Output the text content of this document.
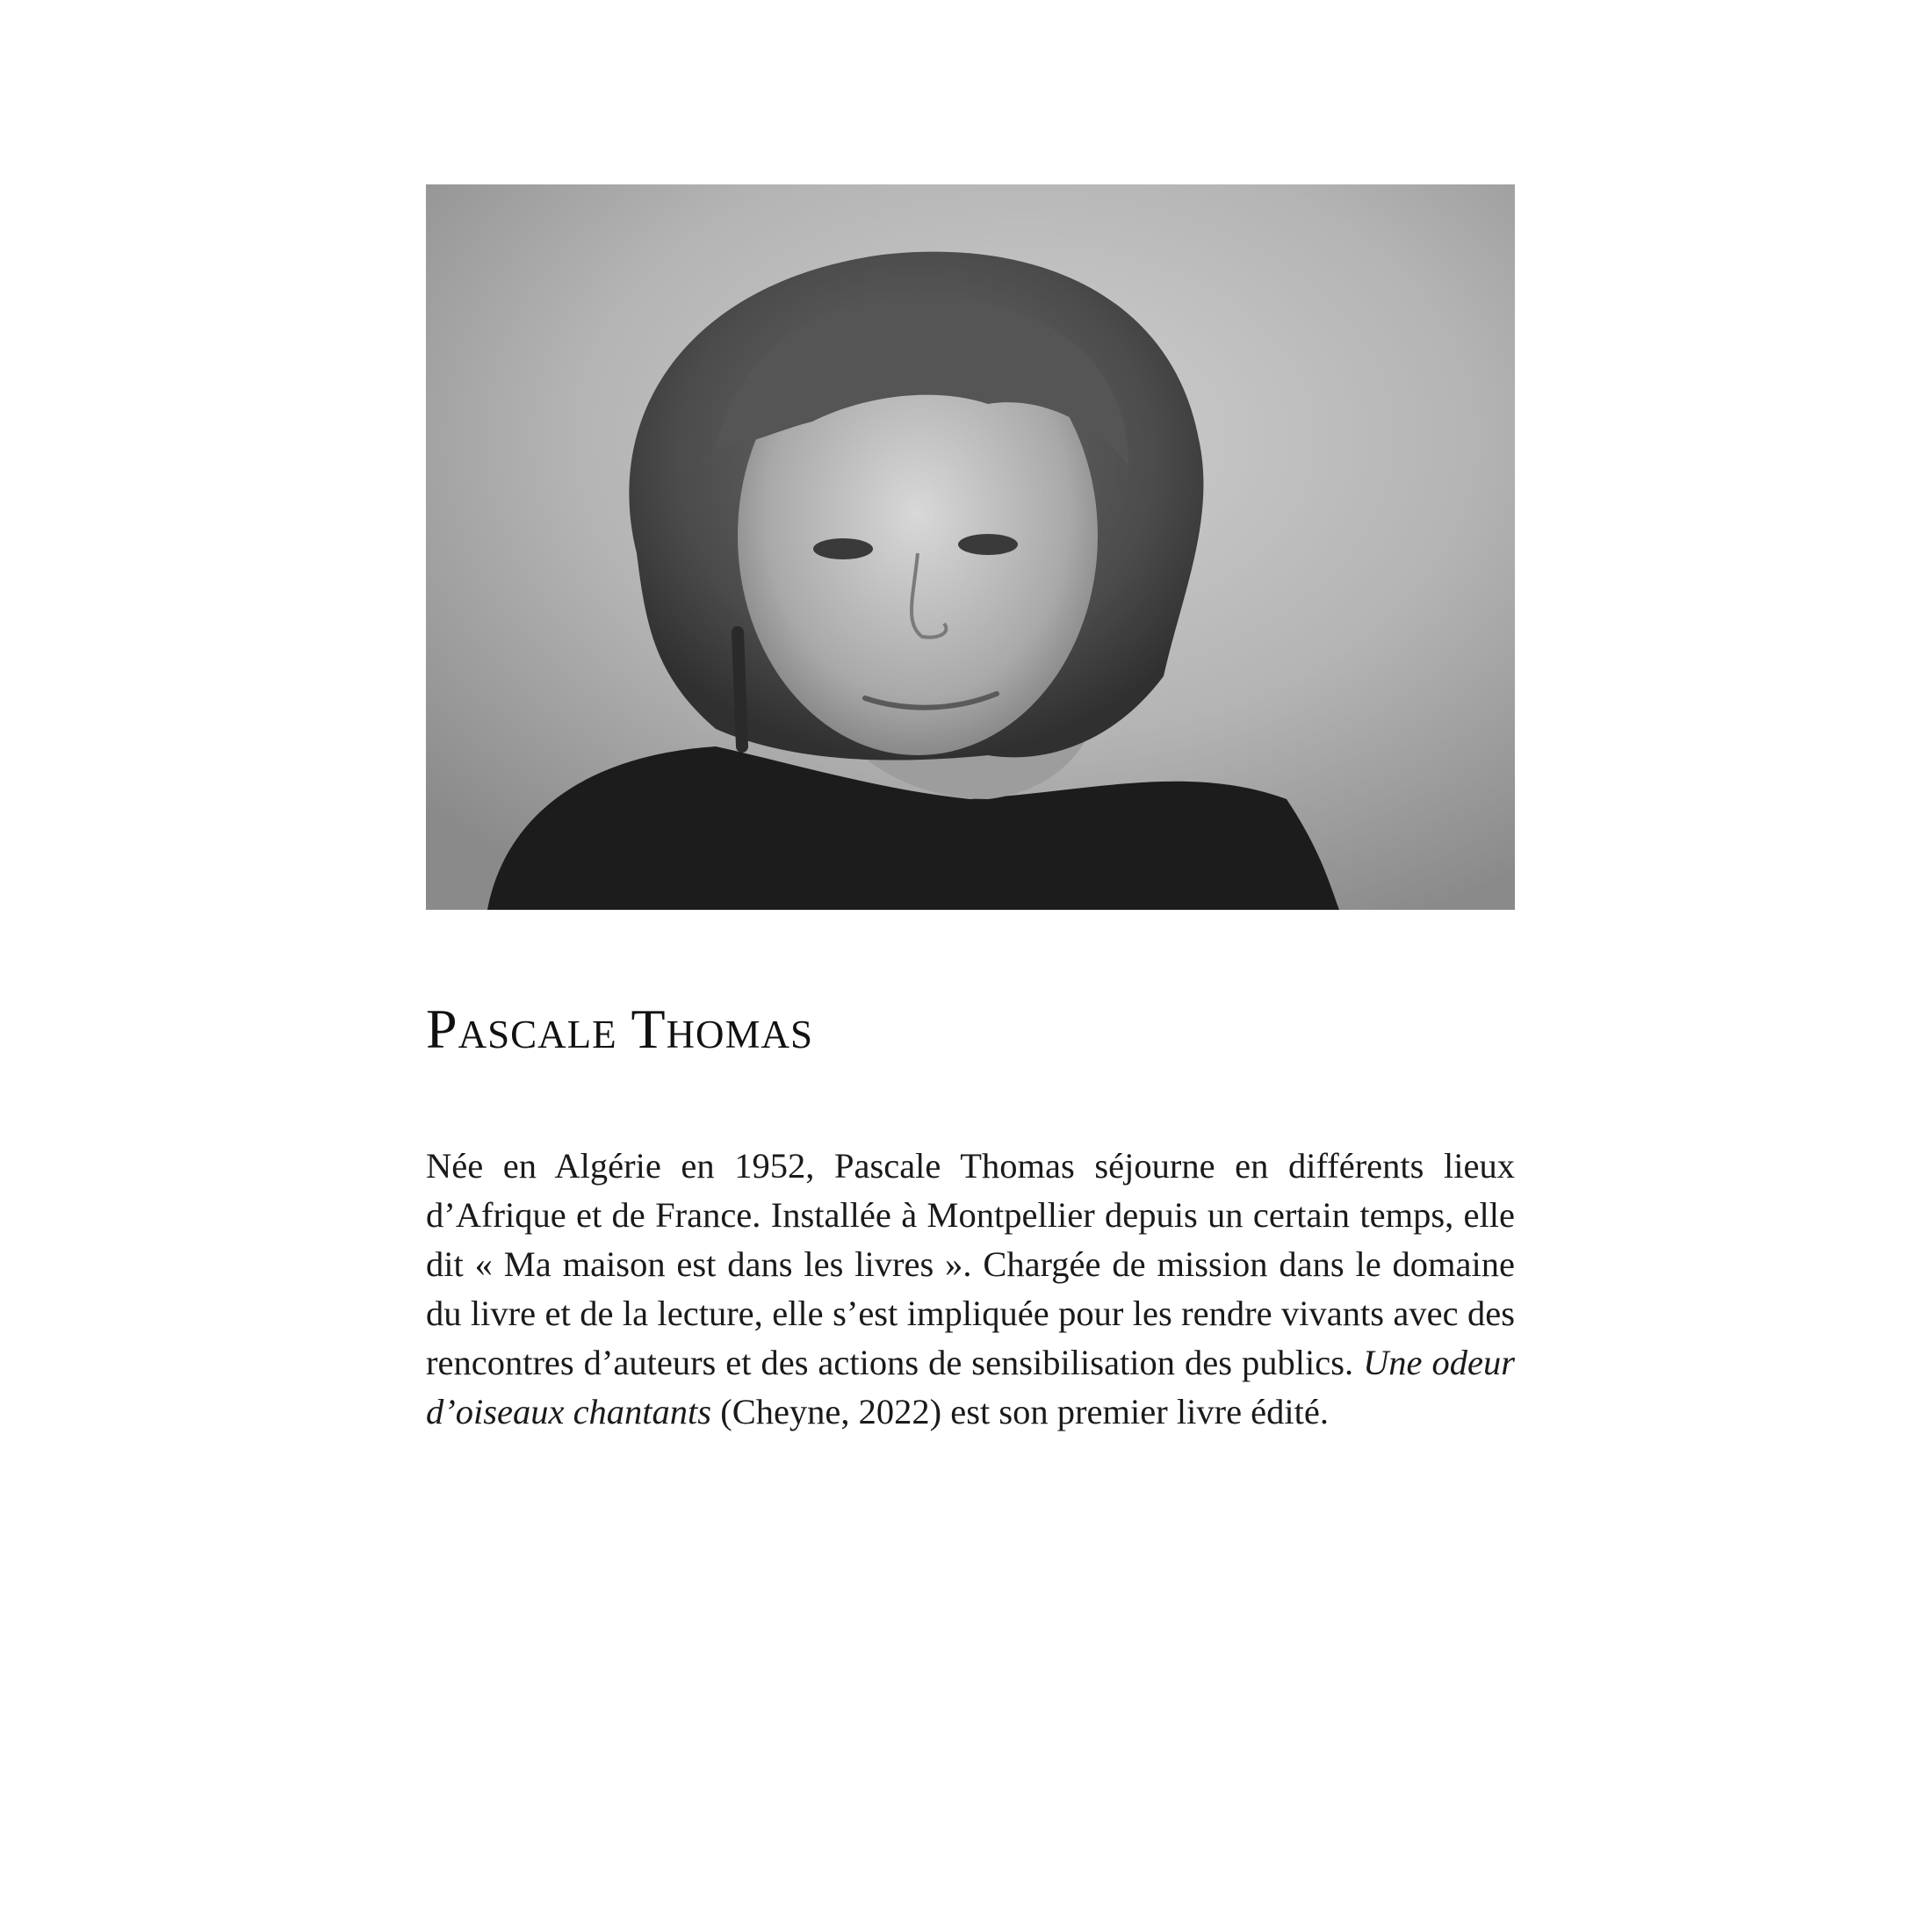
Pascale Thomas

Née en Algérie en 1952, Pascale Thomas séjourne en différents lieux d’Afrique et de France. Installée à Montpellier depuis un certain temps, elle dit « Ma maison est dans les livres ». Chargée de mission dans le domaine du livre et de la lecture, elle s’est impliquée pour les rendre vivants avec des rencontres d’auteurs et des actions de sensibilisation des publics. Une odeur d’oiseaux chantants (Cheyne, 2022) est son premier livre édité.
